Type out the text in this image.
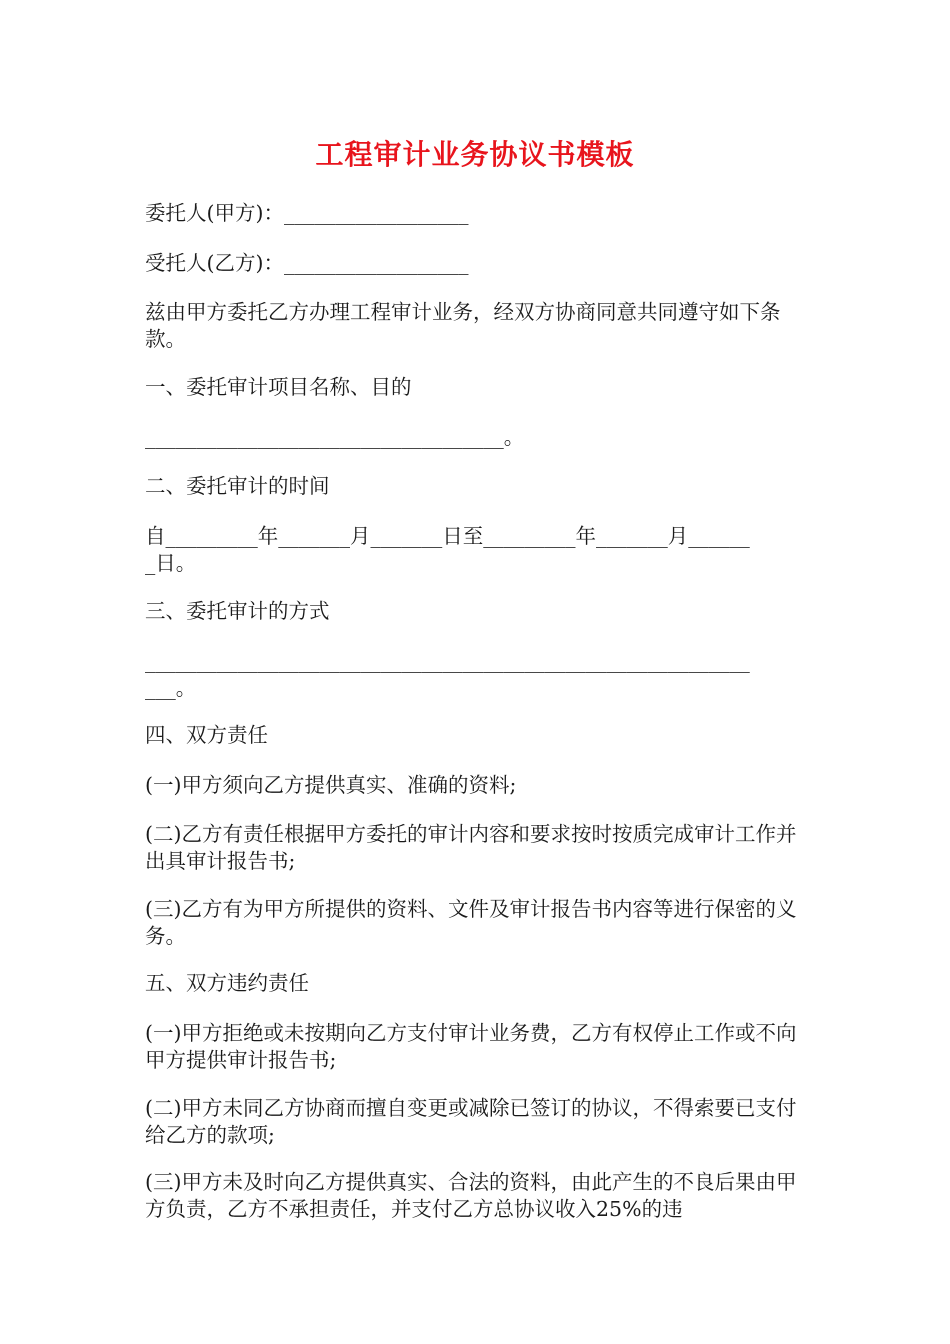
工程审计业务协议书模板
委托人(甲方)：__________________
受托人(乙方)：__________________
兹由甲方委托乙方办理工程审计业务，经双方协商同意共同遵守如下条款。
一、委托审计项目名称、目的
___________________________________。
二、委托审计的时间
自_________年_______月_______日至_________年_______月______
_日。
三、委托审计的方式
___________________________________________________________
___。
四、双方责任
(一)甲方须向乙方提供真实、准确的资料;
(二)乙方有责任根据甲方委托的审计内容和要求按时按质完成审计工作并出具审计报告书;
(三)乙方有为甲方所提供的资料、文件及审计报告书内容等进行保密的义务。
五、双方违约责任
(一)甲方拒绝或未按期向乙方支付审计业务费，乙方有权停止工作或不向甲方提供审计报告书;
(二)甲方未同乙方协商而擅自变更或减除已签订的协议，不得索要已支付给乙方的款项;
(三)甲方未及时向乙方提供真实、合法的资料，由此产生的不良后果由甲方负责，乙方不承担责任，并支付乙方总协议收入25%的违
